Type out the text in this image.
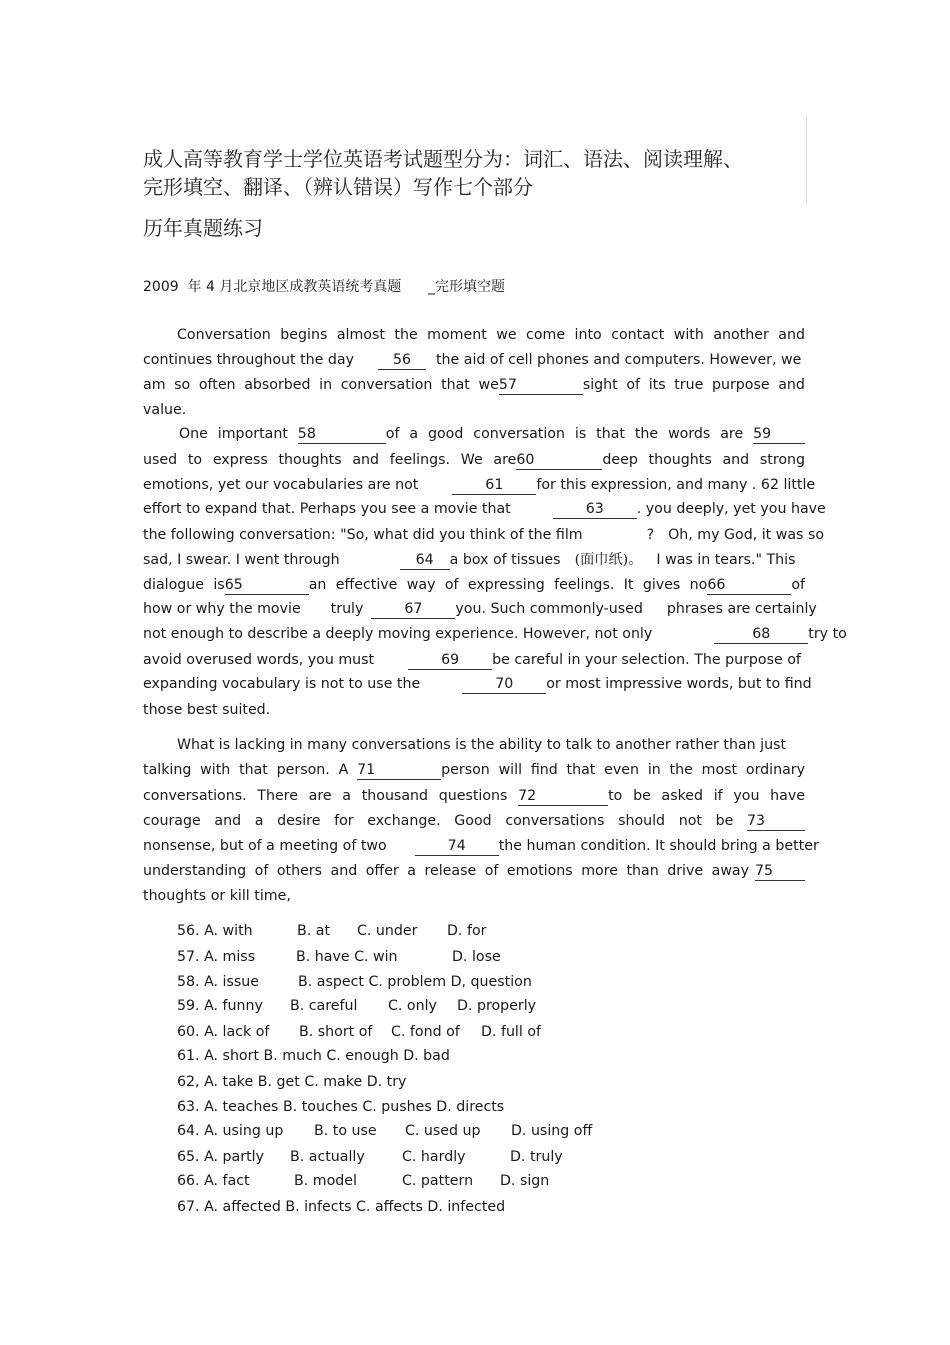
成人高等教育学士学位英语考试题型分为：词汇、语法、阅读理解、
完形填空、翻译、（辨认错误）写作七个部分
历年真题练习
2009  年 4 月北京地区成教英语统考真题      _完形填空题
Conversation begins almost the moment we come into contact with another and
continues throughout the day	56 the aid of cell phones and computers. However, we
am so often absorbed in conversation that we57	sight of its true purpose and
value.
One important 58	of a good conversation is that the words are 59
used to express thoughts and feelings. We are60	deep thoughts and strong
emotions, yet our vocabularies are not	61 for this expression, and many . 62 little
effort to expand that. Perhaps you see a movie that	63 . you deeply, yet you have
the following conversation: "So, what did you think of the film	? Oh, my God, it was so
sad, I swear. I went through	64 a box of tissues (面巾纸)。 I was in tears." This
dialogue is65	an effective way of expressing feelings. It gives no66	of
how or why the movie truly	67 you. Such commonly-used phrases are certainly
not enough to describe a deeply moving experience. However, not only	68	try to
avoid overused words, you must	69 be careful in your selection. The purpose of
expanding vocabulary is not to use the	70 or most impressive words, but to find
those best suited.
What is lacking in many conversations is the ability to talk to another rather than just
talking with that person. A 71	person will find that even in the most ordinary
conversations. There are a thousand questions 72	to be asked if you have
courage and a desire for exchange. Good conversations should not be 73
nonsense, but of a meeting of two	74 the human condition. It should bring a better
understanding of others and offer a release of emotions more than drive away 75
thoughts or kill time,
56. A. with	B. at C. under D. for
57. A. miss	B. have C. win	D. lose
58. A. issue	B. aspect C. problem D, question
59. A. funny B. careful C. only D. properly
60. A. lack of B. short of C. fond of D. full of
61. A. short B. much C. enough D. bad
62, A. take B. get C. make D. try
63. A. teaches B. touches C. pushes D. directs
64. A. using up B. to use C. used up D. using off
65. A. partly B. actually	C. hardly	D. truly
66. A. fact	B. model	C. pattern D. sign
67. A. affected B. infects C. affects D. infected
